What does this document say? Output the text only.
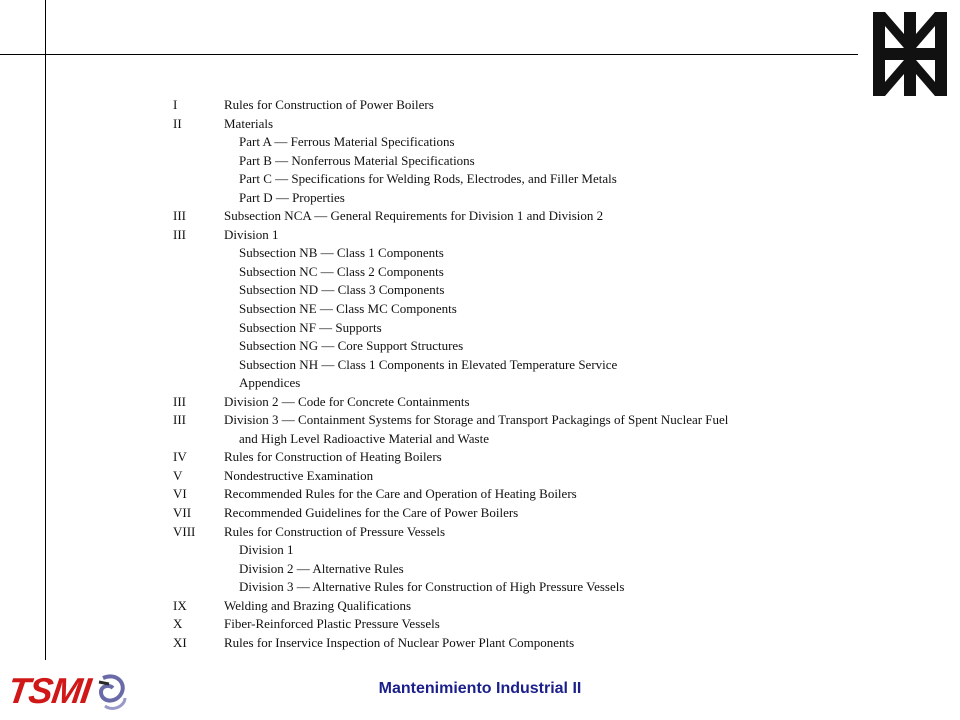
I	Rules for Construction of Power Boilers
II	Materials
Part A — Ferrous Material Specifications
Part B — Nonferrous Material Specifications
Part C — Specifications for Welding Rods, Electrodes, and Filler Metals
Part D — Properties
III	Subsection NCA — General Requirements for Division 1 and Division 2
III	Division 1
Subsection NB — Class 1 Components
Subsection NC — Class 2 Components
Subsection ND — Class 3 Components
Subsection NE — Class MC Components
Subsection NF — Supports
Subsection NG — Core Support Structures
Subsection NH — Class 1 Components in Elevated Temperature Service
Appendices
III	Division 2 — Code for Concrete Containments
III	Division 3 — Containment Systems for Storage and Transport Packagings of Spent Nuclear Fuel
and High Level Radioactive Material and Waste
IV	Rules for Construction of Heating Boilers
V	Nondestructive Examination
VI	Recommended Rules for the Care and Operation of Heating Boilers
VII	Recommended Guidelines for the Care of Power Boilers
VIII	Rules for Construction of Pressure Vessels
Division 1
Division 2 — Alternative Rules
Division 3 — Alternative Rules for Construction of High Pressure Vessels
IX	Welding and Brazing Qualifications
X	Fiber-Reinforced Plastic Pressure Vessels
XI	Rules for Inservice Inspection of Nuclear Power Plant Components
TSMI	Mantenimiento Industrial II
